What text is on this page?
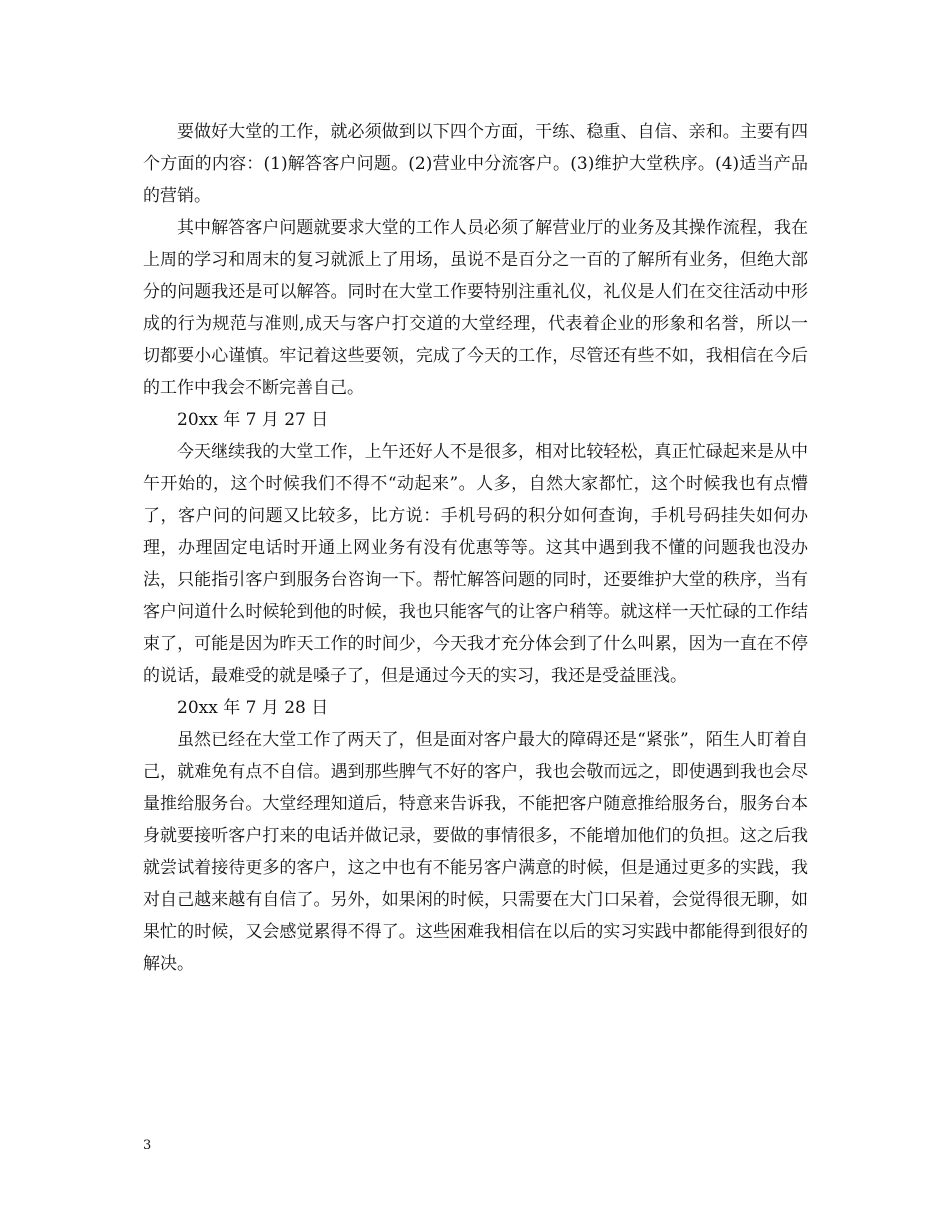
要做好大堂的工作，就必须做到以下四个方面，干练、稳重、自信、亲和。主要有四个方面的内容：(1)解答客户问题。(2)营业中分流客户。(3)维护大堂秩序。(4)适当产品的营销。

其中解答客户问题就要求大堂的工作人员必须了解营业厅的业务及其操作流程，我在上周的学习和周末的复习就派上了用场，虽说不是百分之一百的了解所有业务，但绝大部分的问题我还是可以解答。同时在大堂工作要特别注重礼仪，礼仪是人们在交往活动中形成的行为规范与准则,成天与客户打交道的大堂经理，代表着企业的形象和名誉，所以一切都要小心谨慎。牢记着这些要领，完成了今天的工作，尽管还有些不如，我相信在今后的工作中我会不断完善自己。

20xx 年 7 月 27 日

今天继续我的大堂工作，上午还好人不是很多，相对比较轻松，真正忙碌起来是从中午开始的，这个时候我们不得不“动起来”。人多，自然大家都忙，这个时候我也有点懵了，客户问的问题又比较多，比方说：手机号码的积分如何查询，手机号码挂失如何办理，办理固定电话时开通上网业务有没有优惠等等。这其中遇到我不懂的问题我也没办法，只能指引客户到服务台咨询一下。帮忙解答问题的同时，还要维护大堂的秩序，当有客户问道什么时候轮到他的时候，我也只能客气的让客户稍等。就这样一天忙碌的工作结束了，可能是因为昨天工作的时间少，今天我才充分体会到了什么叫累，因为一直在不停的说话，最难受的就是嗓子了，但是通过今天的实习，我还是受益匪浅。

20xx 年 7 月 28 日

虽然已经在大堂工作了两天了，但是面对客户最大的障碍还是“紧张”，陌生人盯着自己，就难免有点不自信。遇到那些脾气不好的客户，我也会敬而远之，即使遇到我也会尽量推给服务台。大堂经理知道后，特意来告诉我，不能把客户随意推给服务台，服务台本身就要接听客户打来的电话并做记录，要做的事情很多，不能增加他们的负担。这之后我就尝试着接待更多的客户，这之中也有不能另客户满意的时候，但是通过更多的实践，我对自己越来越有自信了。另外，如果闲的时候，只需要在大门口呆着，会觉得很无聊，如果忙的时候，又会感觉累得不得了。这些困难我相信在以后的实习实践中都能得到很好的解决。

3
